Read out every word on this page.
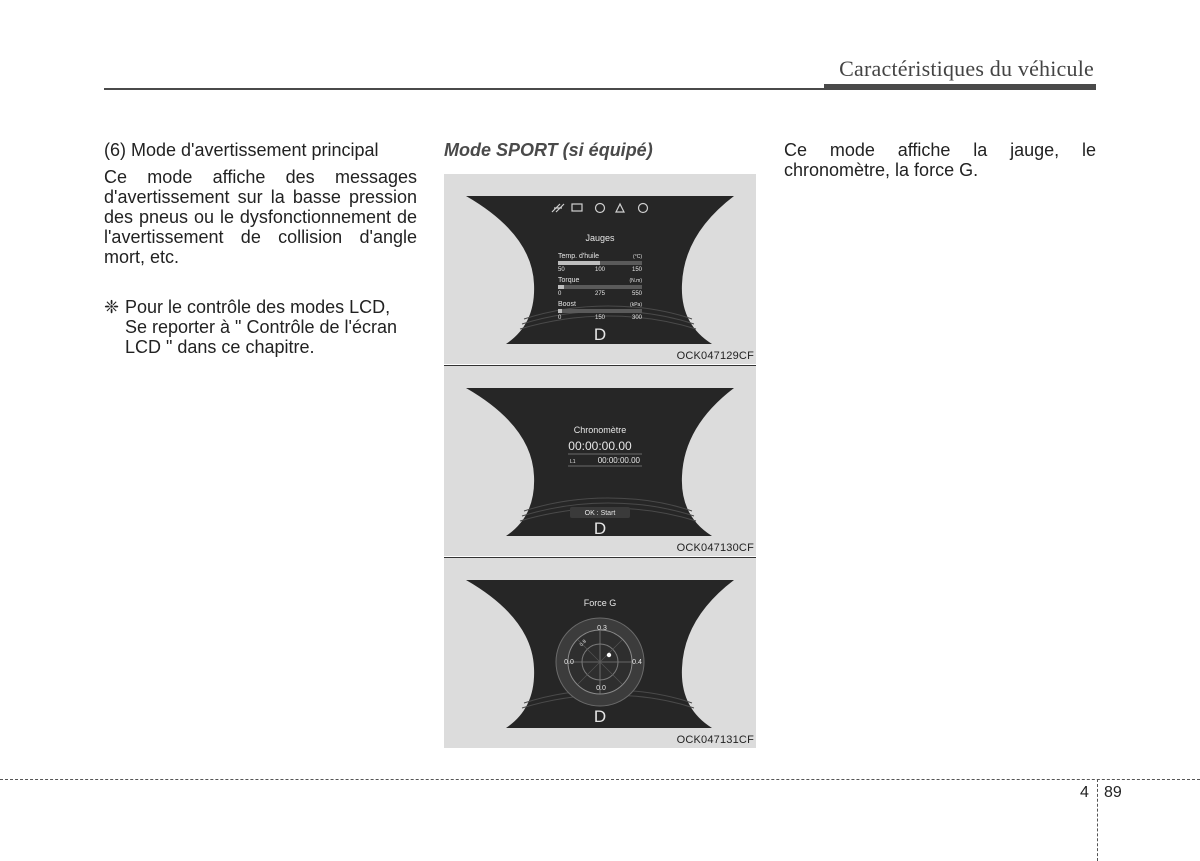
Caractéristiques du véhicule

(6) Mode d'avertissement principal

Ce mode affiche des messages d'avertissement sur la basse pression des pneus ou le dysfonctionnement de l'avertissement de collision d'angle mort, etc.

❈ Pour le contrôle des modes LCD, Se reporter à " Contrôle de l'écran LCD " dans ce chapitre.

Mode SPORT (si équipé)

Jauges
Temp. d'huile	(°C)
50	100	150
Torque	(N.m)
0	275	550
Boost	(kPa)
0	150	300
D
OCK047129CF
Chronomètre
00:00:00.00
L1	00:00:00.00
OK : Start
D
OCK047130CF
Force G
0.3
0.0	0.4
0.0
0.8
D
OCK047131CF
Ce mode affiche la jauge, le chronomètre, la force G.
4 89
